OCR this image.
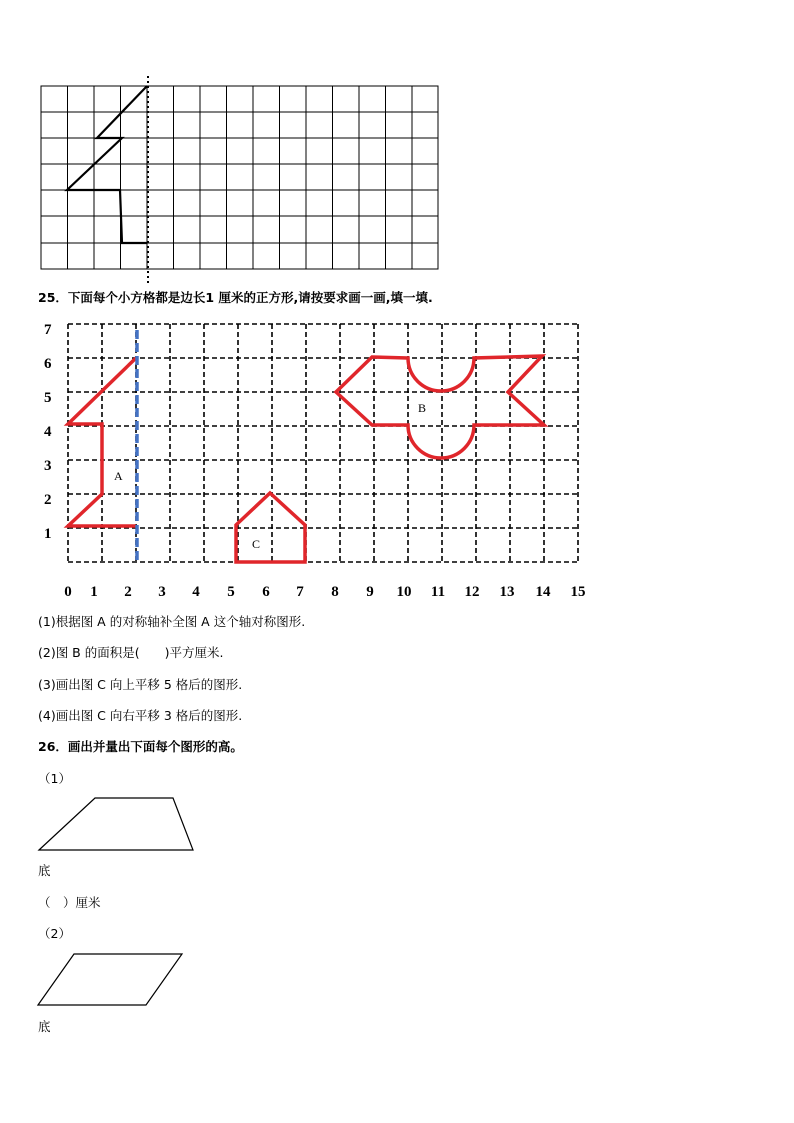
25．下面每个小方格都是边长1 厘米的正方形,请按要求画一画,填一填.
7
6
5
4
3
2
1
0 1 2 3 4 5 6 7 8 9 10 11 12 13 14 15
A
B
C
(1)根据图 A 的对称轴补全图 A 这个轴对称图形.
(2)图 B 的面积是(　　)平方厘米.
(3)画出图 C 向上平移 5 格后的图形.
(4)画出图 C 向右平移 3 格后的图形.
26．画出并量出下面每个图形的高。
（1）
底
（　）厘米
（2）
底
